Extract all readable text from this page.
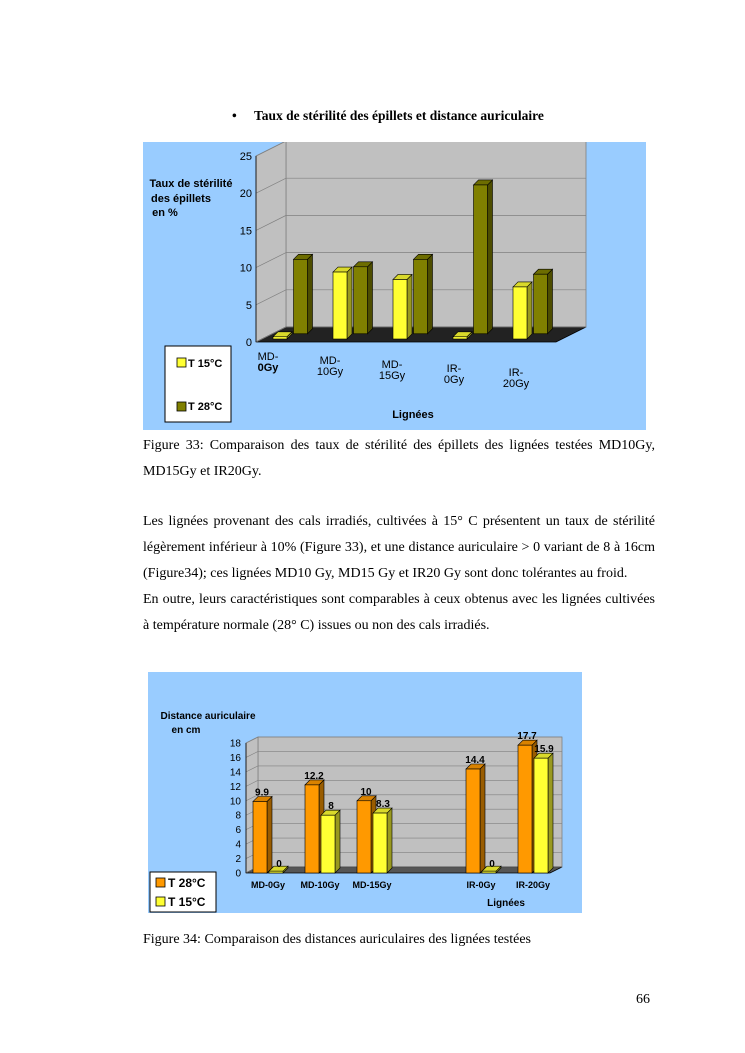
• Taux de stérilité des épillets et distance auriculaire
0
5
10
15
20
25
MD-
0Gy
MD-
10Gy
MD-
15Gy
IR-
0Gy
IR-
20Gy
Taux de stérilité
des épillets
en %
T 15°C
T 28°C
Lignées
Figure 33: Comparaison des taux de stérilité des épillets des lignées testées MD10Gy, MD15Gy et IR20Gy.

Les lignées provenant des cals irradiés, cultivées à 15° C présentent un taux de stérilité légèrement inférieur à 10% (Figure 33), et une distance auriculaire > 0 variant de 8 à 16cm (Figure34); ces lignées MD10 Gy, MD15 Gy et IR20 Gy sont donc tolérantes au froid.

En outre, leurs caractéristiques sont comparables à ceux obtenus avec les lignées cultivées à température normale (28° C) issues ou non des cals irradiés.

0
2
4
6
8
10
12
14
16
18
MD-0Gy MD-10Gy MD-15Gy	IR-0Gy IR-20Gy
9.9
0
12.2
8
10
8.3
14.4
0
17.7
15.9
Distance auriculaire
en cm
T 28°C
T 15°C	Lignées
Figure 34: Comparaison des distances auriculaires des lignées testées
66
